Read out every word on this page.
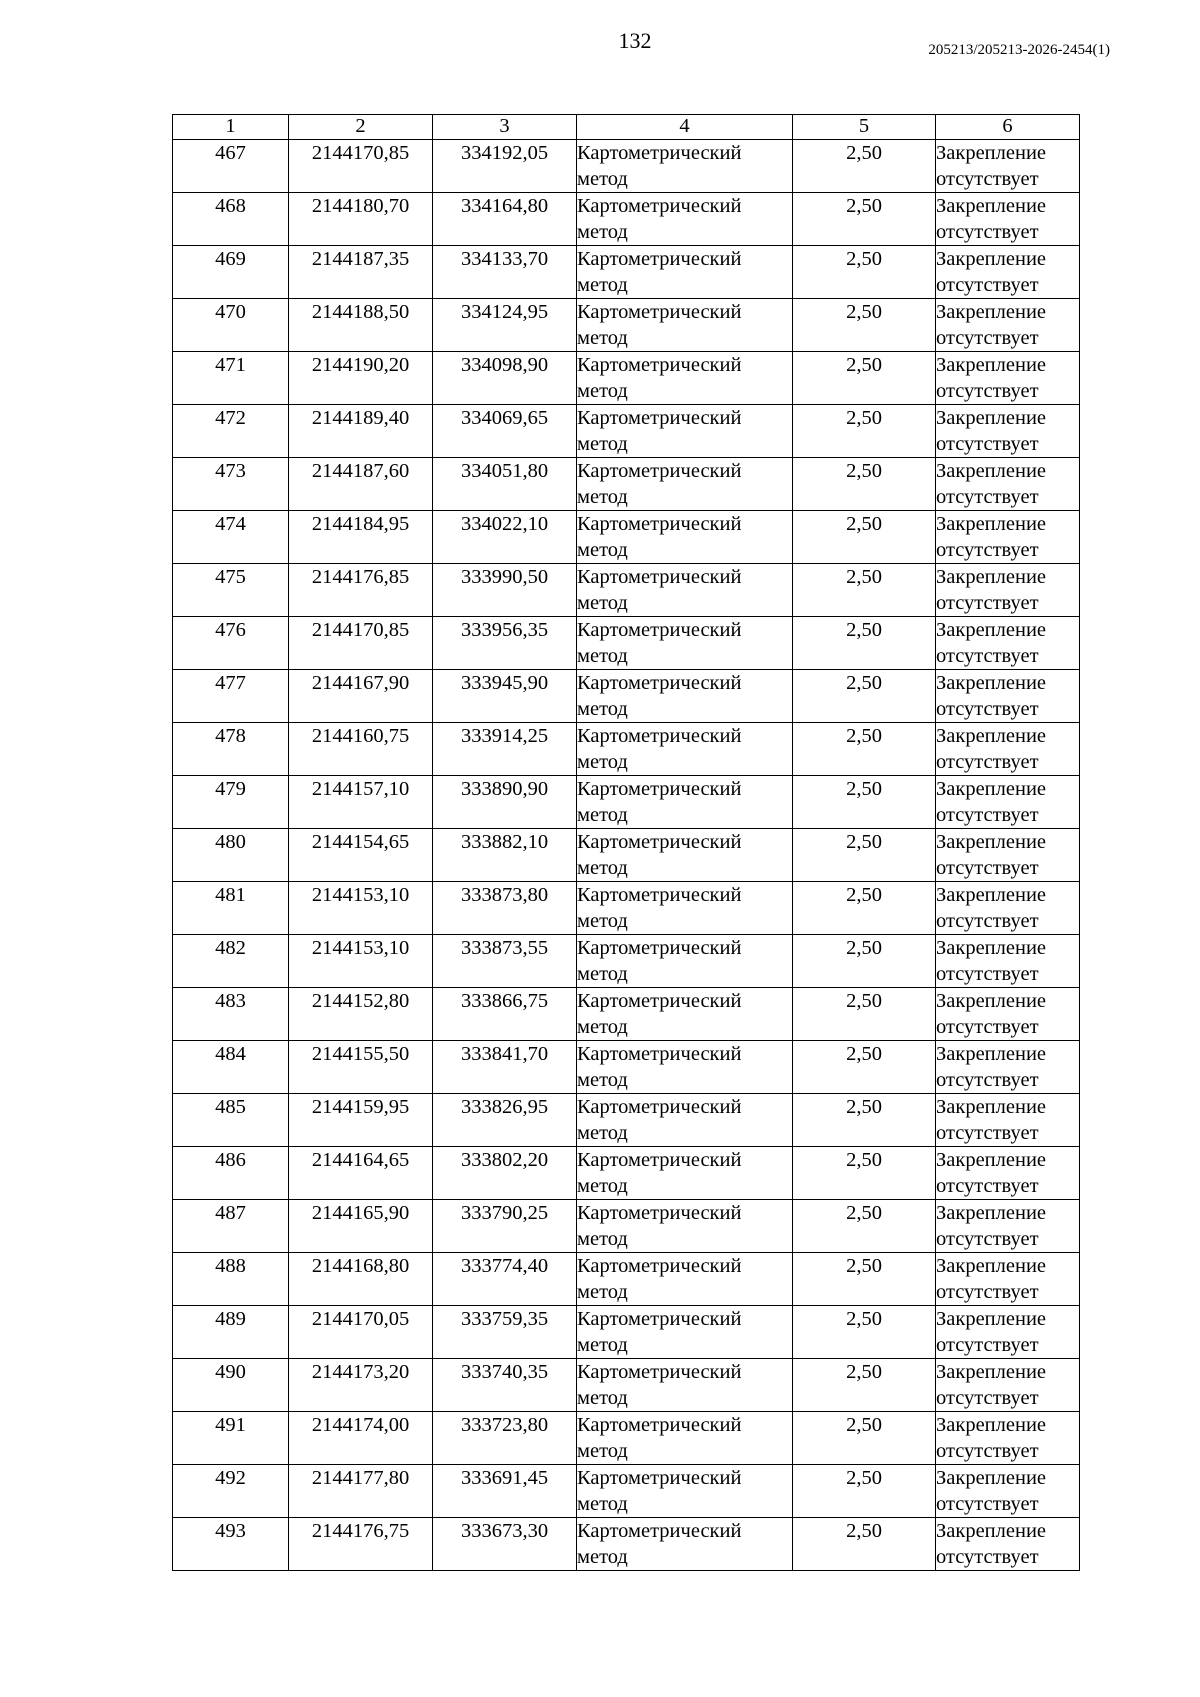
132	205213/205213-2026-2454(1)
1	2	3	4	5	6
467	2144170,85	334192,05	Картометрический метод	2,50	Закрепление отсутствует
468	2144180,70	334164,80	Картометрический метод	2,50	Закрепление отсутствует
469	2144187,35	334133,70	Картометрический метод	2,50	Закрепление отсутствует
470	2144188,50	334124,95	Картометрический метод	2,50	Закрепление отсутствует
471	2144190,20	334098,90	Картометрический метод	2,50	Закрепление отсутствует
472	2144189,40	334069,65	Картометрический метод	2,50	Закрепление отсутствует
473	2144187,60	334051,80	Картометрический метод	2,50	Закрепление отсутствует
474	2144184,95	334022,10	Картометрический метод	2,50	Закрепление отсутствует
475	2144176,85	333990,50	Картометрический метод	2,50	Закрепление отсутствует
476	2144170,85	333956,35	Картометрический метод	2,50	Закрепление отсутствует
477	2144167,90	333945,90	Картометрический метод	2,50	Закрепление отсутствует
478	2144160,75	333914,25	Картометрический метод	2,50	Закрепление отсутствует
479	2144157,10	333890,90	Картометрический метод	2,50	Закрепление отсутствует
480	2144154,65	333882,10	Картометрический метод	2,50	Закрепление отсутствует
481	2144153,10	333873,80	Картометрический метод	2,50	Закрепление отсутствует
482	2144153,10	333873,55	Картометрический метод	2,50	Закрепление отсутствует
483	2144152,80	333866,75	Картометрический метод	2,50	Закрепление отсутствует
484	2144155,50	333841,70	Картометрический метод	2,50	Закрепление отсутствует
485	2144159,95	333826,95	Картометрический метод	2,50	Закрепление отсутствует
486	2144164,65	333802,20	Картометрический метод	2,50	Закрепление отсутствует
487	2144165,90	333790,25	Картометрический метод	2,50	Закрепление отсутствует
488	2144168,80	333774,40	Картометрический метод	2,50	Закрепление отсутствует
489	2144170,05	333759,35	Картометрический метод	2,50	Закрепление отсутствует
490	2144173,20	333740,35	Картометрический метод	2,50	Закрепление отсутствует
491	2144174,00	333723,80	Картометрический метод	2,50	Закрепление отсутствует
492	2144177,80	333691,45	Картометрический метод	2,50	Закрепление отсутствует
493	2144176,75	333673,30	Картометрический метод	2,50	Закрепление отсутствует
